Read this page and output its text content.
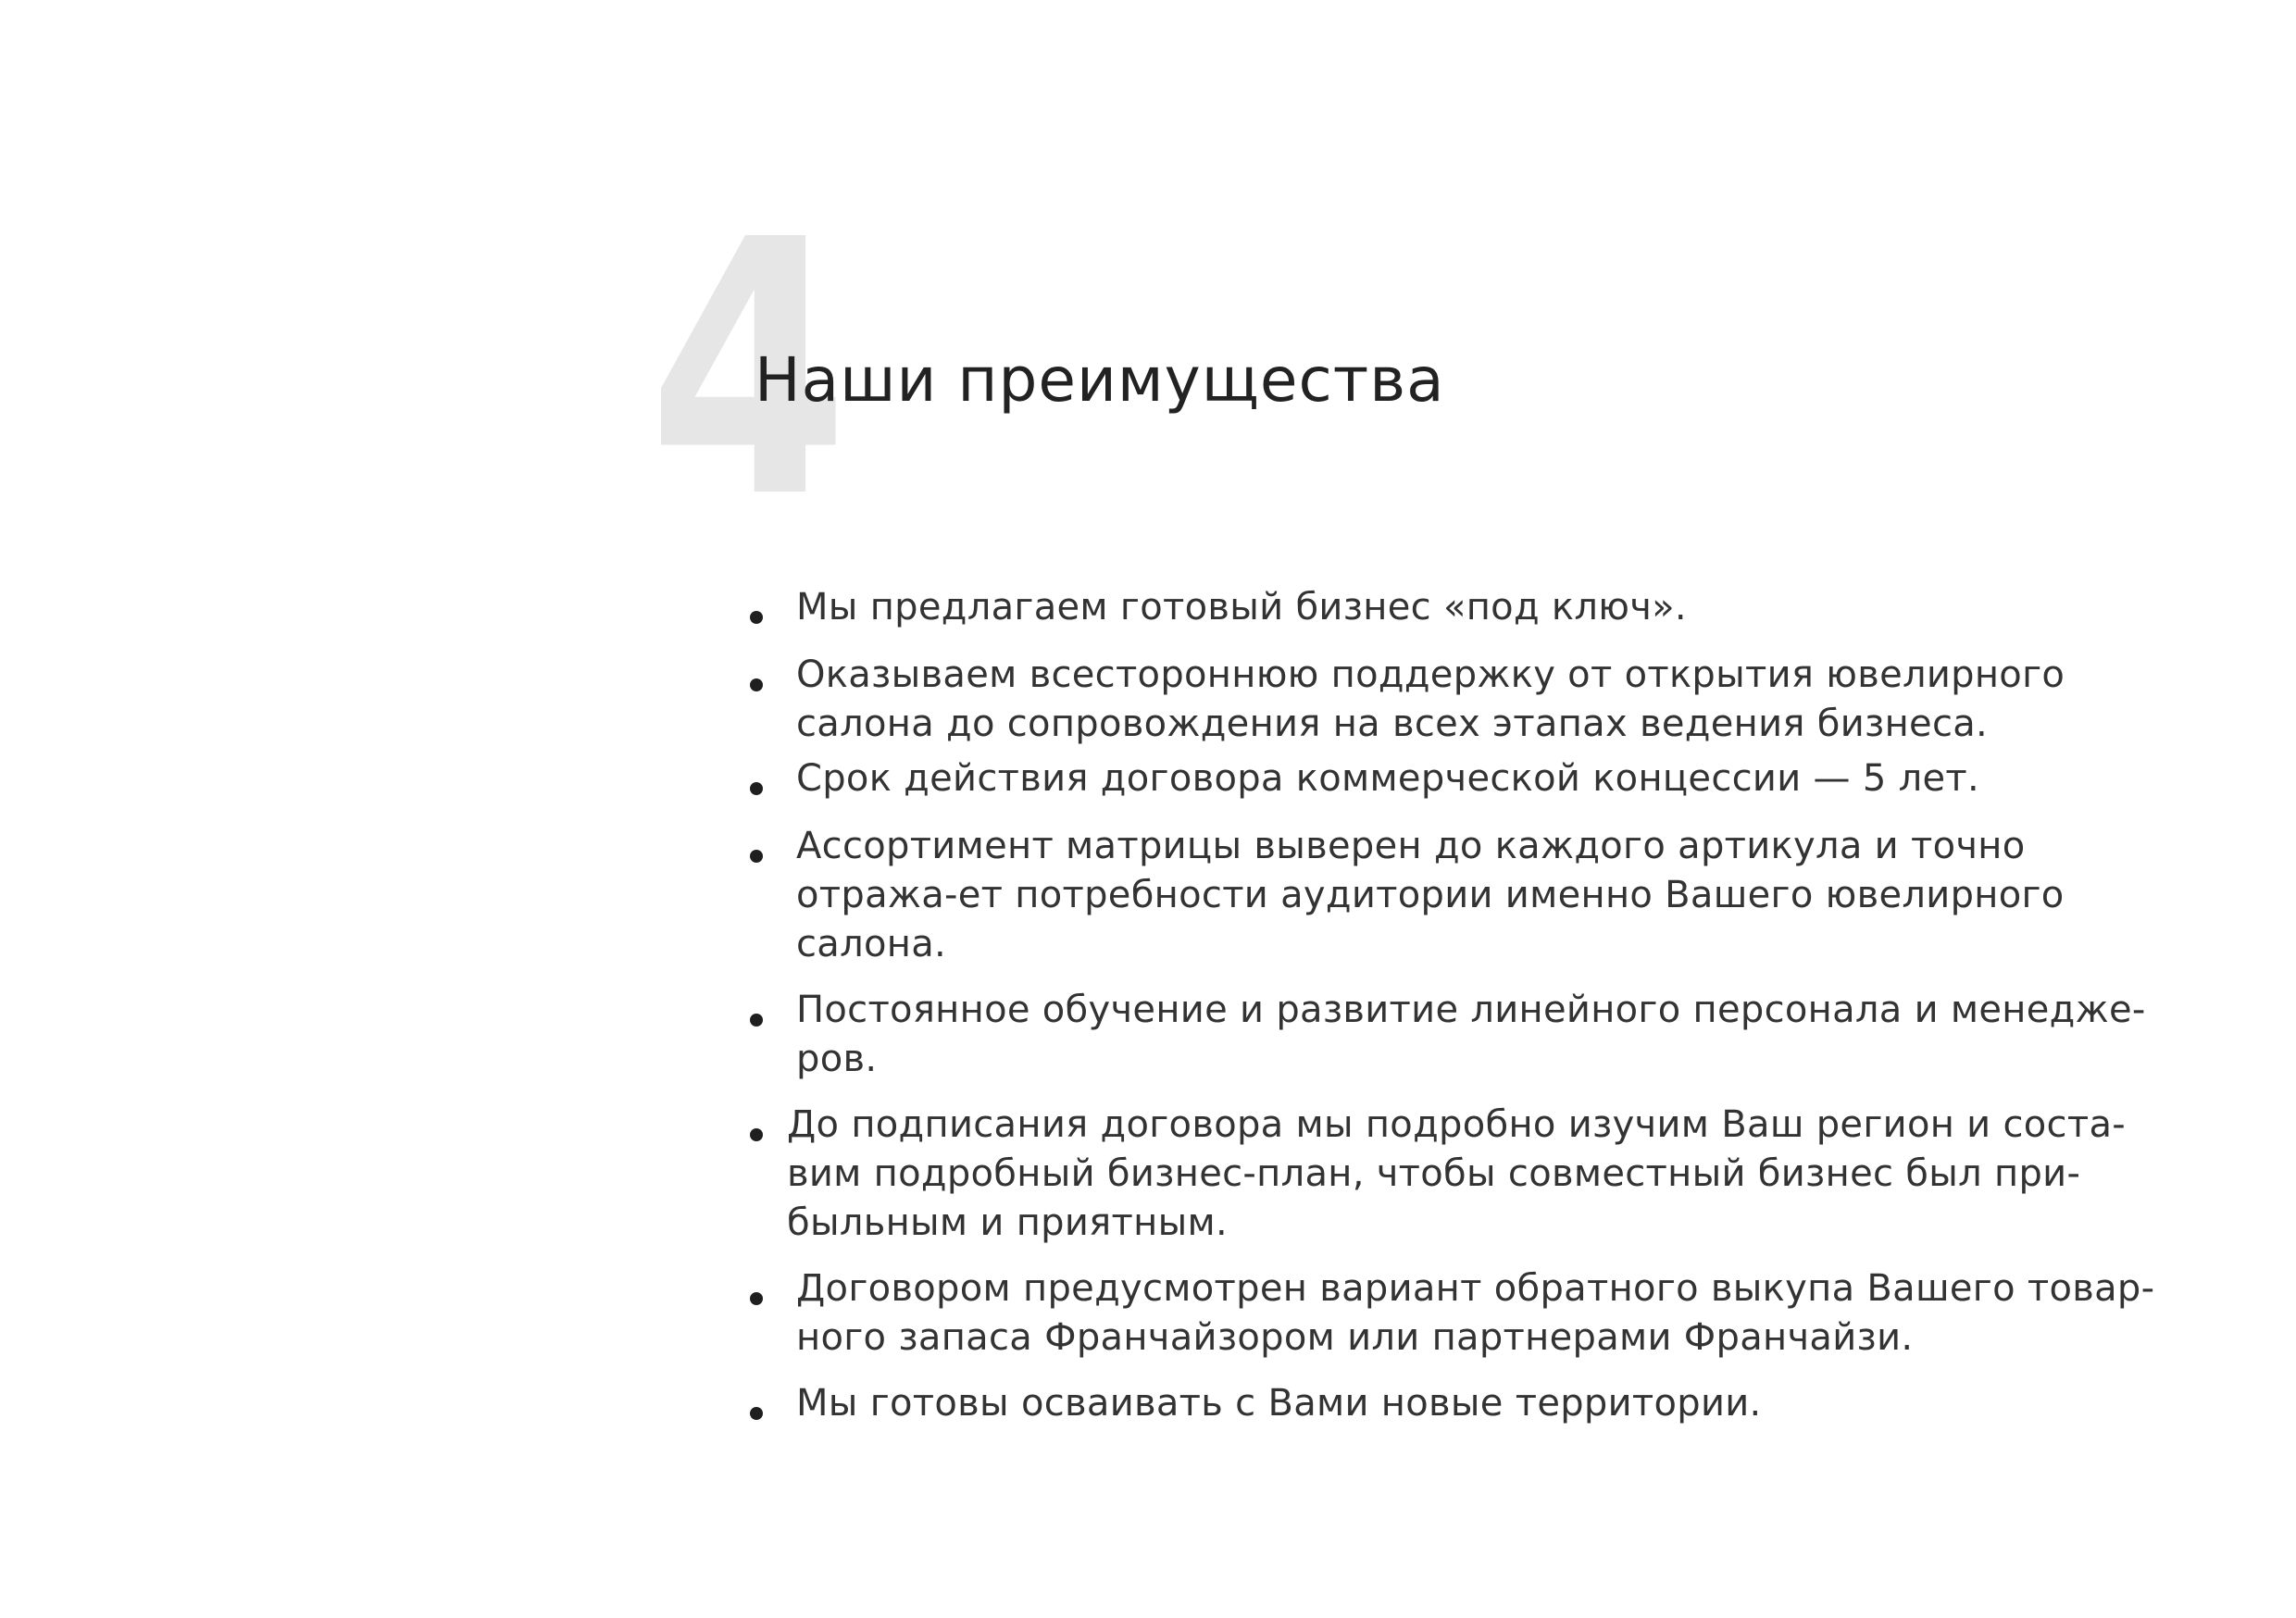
4
Наши преимущества
Мы предлагаем готовый бизнес «под ключ».
Оказываем всестороннюю поддержку от открытия ювелирного салона до сопровождения на всех этапах ведения бизнеса.
Срок действия договора коммерческой концессии — 5 лет.
Ассортимент матрицы выверен до каждого артикула и точно отража-ет потребности аудитории именно Вашего ювелирного салона.
Постоянное обучение и развитие линейного персонала и менедже-ров.
До подписания договора мы подробно изучим Ваш регион и соста-вим подробный бизнес-план, чтобы совместный бизнес был при-быльным и приятным.
Договором предусмотрен вариант обратного выкупа Вашего товар-ного запаса Франчайзором или партнерами Франчайзи.
Мы готовы осваивать с Вами новые территории.
